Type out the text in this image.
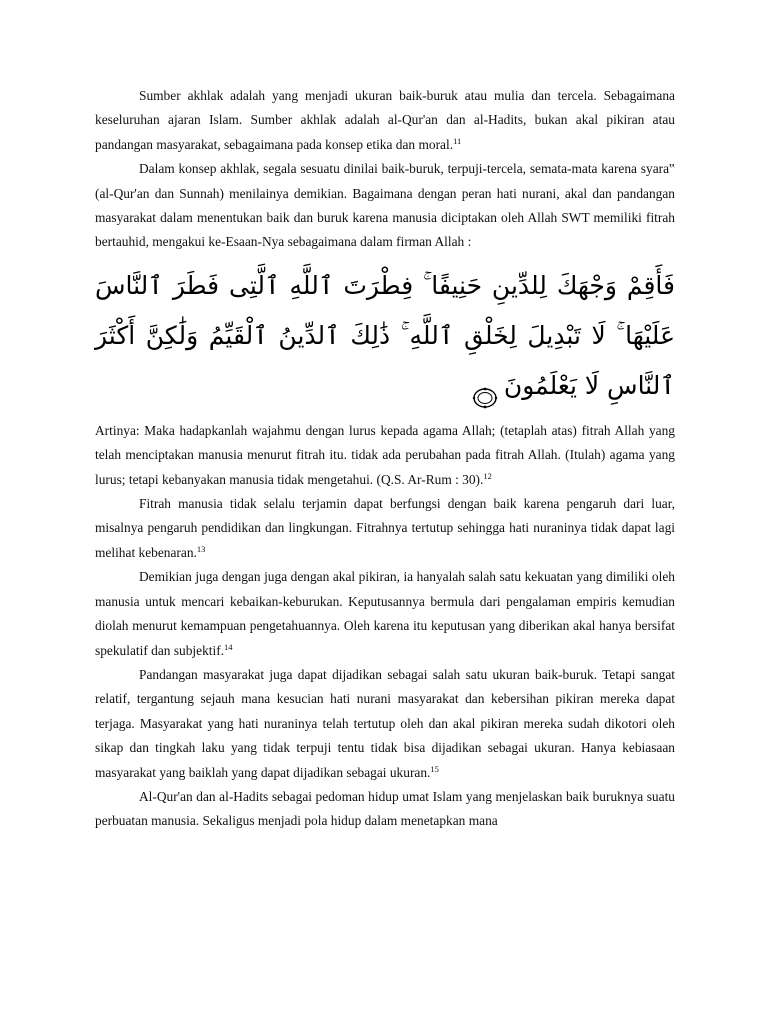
Sumber akhlak adalah yang menjadi ukuran baik-buruk atau mulia dan tercela. Sebagaimana keseluruhan ajaran Islam. Sumber akhlak adalah al-Qur'an dan al-Hadits, bukan akal pikiran atau pandangan masyarakat, sebagaimana pada konsep etika dan moral.$^{11}$

Dalam konsep akhlak, segala sesuatu dinilai baik-buruk, terpuji-tercela, semata-mata karena syara‟ (al-Qur'an dan Sunnah) menilainya demikian. Bagaimana dengan peran hati nurani, akal dan pandangan masyarakat dalam menentukan baik dan buruk karena manusia diciptakan oleh Allah SWT memiliki fitrah bertauhid, mengakui ke-Esaan-Nya sebagaimana dalam firman Allah :

فَأَقِمْ وَجْهَكَ لِلدِّينِ حَنِيفًا ۚ فِطْرَتَ ٱللَّهِ ٱلَّتِى فَطَرَ ٱلنَّاسَ عَلَيْهَا ۚ لَا تَبْدِيلَ لِخَلْقِ ٱللَّهِ ۚ ذَٰلِكَ ٱلدِّينُ ٱلْقَيِّمُ وَلَٰكِنَّ أَكْثَرَ ٱلنَّاسِ لَا يَعْلَمُونَ

Artinya: Maka hadapkanlah wajahmu dengan lurus kepada agama Allah; (tetaplah atas) fitrah Allah yang telah menciptakan manusia menurut fitrah itu. tidak ada perubahan pada fitrah Allah. (Itulah) agama yang lurus; tetapi kebanyakan manusia tidak mengetahui. (Q.S. Ar-Rum : 30).$^{12}$

Fitrah manusia tidak selalu terjamin dapat berfungsi dengan baik karena pengaruh dari luar, misalnya pengaruh pendidikan dan lingkungan. Fitrahnya tertutup sehingga hati nuraninya tidak dapat lagi melihat kebenaran.$^{13}$

Demikian juga dengan juga dengan akal pikiran, ia hanyalah salah satu kekuatan yang dimiliki oleh manusia untuk mencari kebaikan-keburukan. Keputusannya bermula dari pengalaman empiris kemudian diolah menurut kemampuan pengetahuannya. Oleh karena itu keputusan yang diberikan akal hanya bersifat spekulatif dan subjektif.$^{14}$

Pandangan masyarakat juga dapat dijadikan sebagai salah satu ukuran baik-buruk. Tetapi sangat relatif, tergantung sejauh mana kesucian hati nurani masyarakat dan kebersihan pikiran mereka dapat terjaga. Masyarakat yang hati nuraninya telah tertutup oleh dan akal pikiran mereka sudah dikotori oleh sikap dan tingkah laku yang tidak terpuji tentu tidak bisa dijadikan sebagai ukuran. Hanya kebiasaan masyarakat yang baiklah yang dapat dijadikan sebagai ukuran.$^{15}$

Al-Qur'an dan al-Hadits sebagai pedoman hidup umat Islam yang menjelaskan baik buruknya suatu perbuatan manusia. Sekaligus menjadi pola hidup dalam menetapkan mana
